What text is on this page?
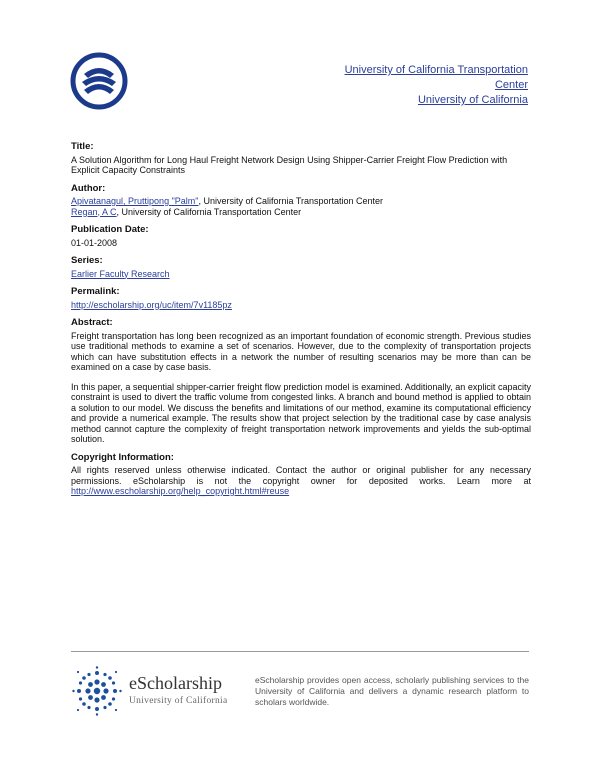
University of California Transportation
Center
University of California
Title:
A Solution Algorithm for Long Haul Freight Network Design Using Shipper-Carrier Freight Flow Prediction with Explicit Capacity Constraints
Author:
Apivatanagul, Pruttipong "Palm", University of California Transportation Center
Regan, A C, University of California Transportation Center
Publication Date:
01-01-2008
Series:
Earlier Faculty Research
Permalink:
http://escholarship.org/uc/item/7v1185pz
Abstract:
Freight transportation has long been recognized as an important foundation of economic strength. Previous studies use traditional methods to examine a set of scenarios. However, due to the complexity of transportation projects which can have substitution effects in a network the number of resulting scenarios may be more than can be examined on a case by case basis.
In this paper, a sequential shipper-carrier freight flow prediction model is examined. Additionally, an explicit capacity constraint is used to divert the traffic volume from congested links. A branch and bound method is applied to obtain a solution to our model. We discuss the benefits and limitations of our method, examine its computational efficiency and provide a numerical example. The results show that project selection by the traditional case by case analysis method cannot capture the complexity of freight transportation network improvements and yields the sub-optimal solution.
Copyright Information:
All rights reserved unless otherwise indicated. Contact the author or original publisher for any necessary permissions. eScholarship is not the copyright owner for deposited works. Learn more at http://www.escholarship.org/help_copyright.html#reuse
eScholarship
University of California
eScholarship provides open access, scholarly publishing services to the University of California and delivers a dynamic research platform to scholars worldwide.
